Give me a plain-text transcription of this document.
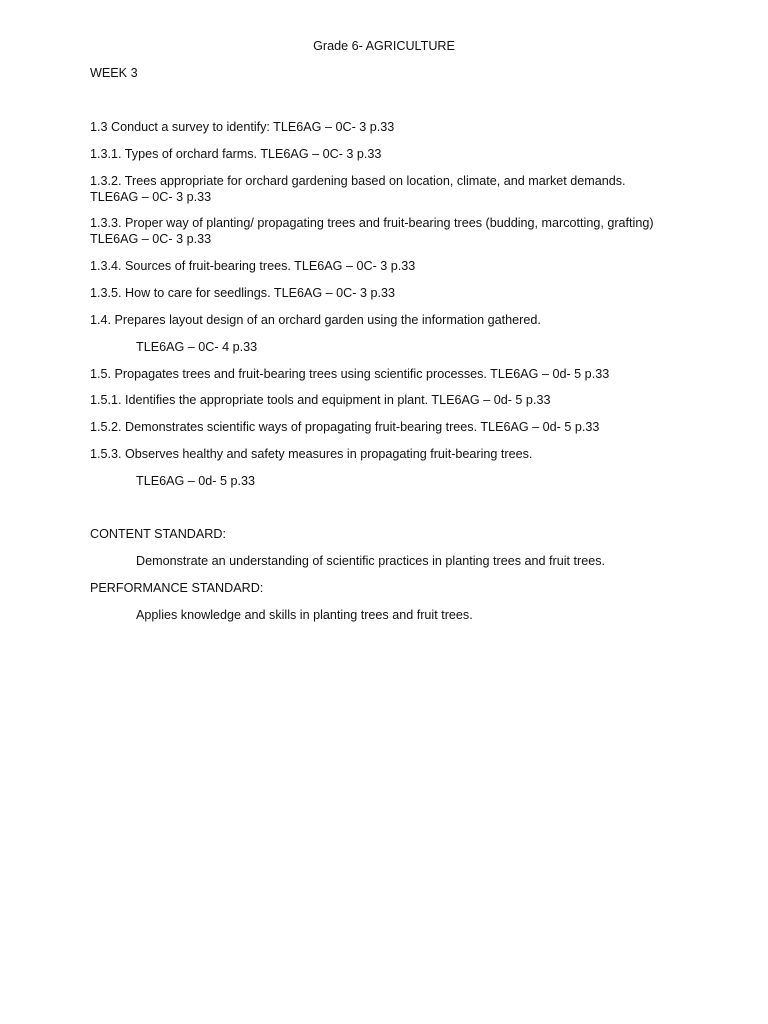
Grade 6- AGRICULTURE
WEEK 3
1.3 Conduct a survey to identify: TLE6AG – 0C- 3 p.33
1.3.1. Types of orchard farms. TLE6AG – 0C- 3 p.33
1.3.2. Trees appropriate for orchard gardening based on location, climate, and market demands. TLE6AG – 0C- 3 p.33
1.3.3. Proper way of planting/ propagating trees and fruit-bearing trees (budding, marcotting, grafting) TLE6AG – 0C- 3 p.33
1.3.4. Sources of fruit-bearing trees. TLE6AG – 0C- 3 p.33
1.3.5. How to care for seedlings. TLE6AG – 0C- 3 p.33
1.4. Prepares layout design of an orchard garden using the information gathered.
TLE6AG – 0C- 4 p.33
1.5. Propagates trees and fruit-bearing trees using scientific processes. TLE6AG – 0d- 5 p.33
1.5.1. Identifies the appropriate tools and equipment in plant. TLE6AG – 0d- 5 p.33
1.5.2. Demonstrates scientific ways of propagating fruit-bearing trees. TLE6AG – 0d- 5 p.33
1.5.3. Observes healthy and safety measures in propagating fruit-bearing trees.
TLE6AG – 0d- 5 p.33
CONTENT STANDARD:
Demonstrate an understanding of scientific practices in planting trees and fruit trees.
PERFORMANCE STANDARD:
Applies knowledge and skills in planting trees and fruit trees.
